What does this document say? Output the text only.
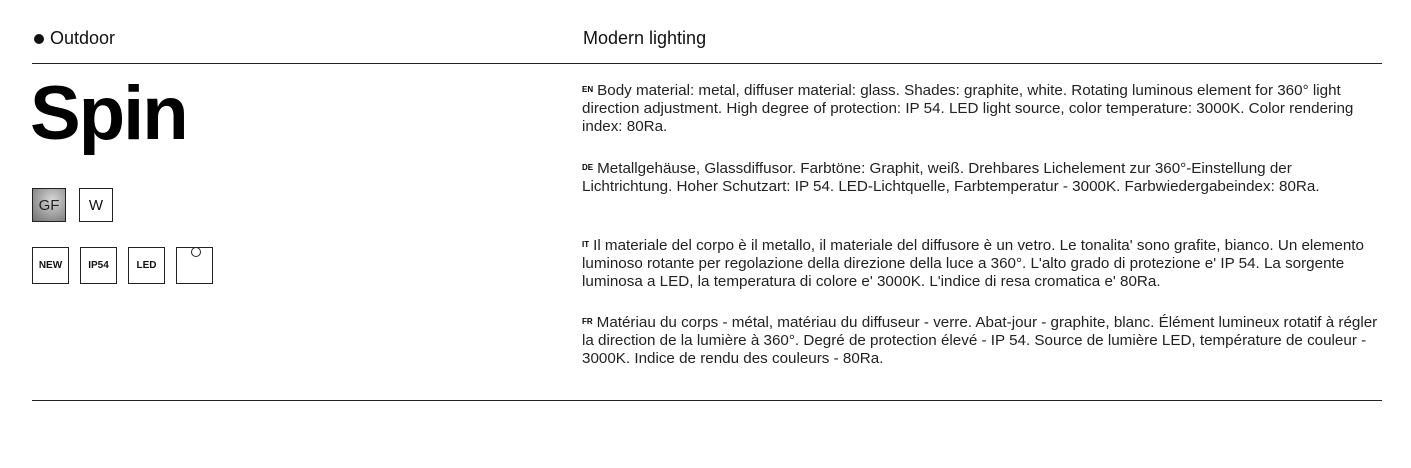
Outdoor	Modern lighting
Spin
GF	W
NEW	IP54	LED
EN Body material: metal, diffuser material: glass. Shades: graphite, white. Rotating luminous element for 360° light direction adjustment. High degree of protection: IP 54. LED light source, color temperature: 3000K. Color rendering index: 80Ra.
DE Metallgehäuse, Glassdiffusor. Farbtöne: Graphit, weiß. Drehbares Lichelement zur 360°-Einstellung der Lichtrichtung. Hoher Schutzart: IP 54. LED-Lichtquelle, Farbtemperatur - 3000K. Farbwiedergabeindex: 80Ra.
IT Il materiale del corpo è il metallo, il materiale del diffusore è un vetro. Le tonalita' sono grafite, bianco. Un elemento luminoso rotante per regolazione della direzione della luce a 360°. L'alto grado di protezione e' IP 54. La sorgente luminosa a LED, la temperatura di colore e' 3000K. L'indice di resa cromatica e' 80Ra.
FR Matériau du corps - métal, matériau du diffuseur - verre. Abat-jour - graphite, blanc. Élément lumineux rotatif à régler la direction de la lumière à 360°. Degré de protection élevé - IP 54. Source de lumière LED, température de couleur - 3000K. Indice de rendu des couleurs - 80Ra.
